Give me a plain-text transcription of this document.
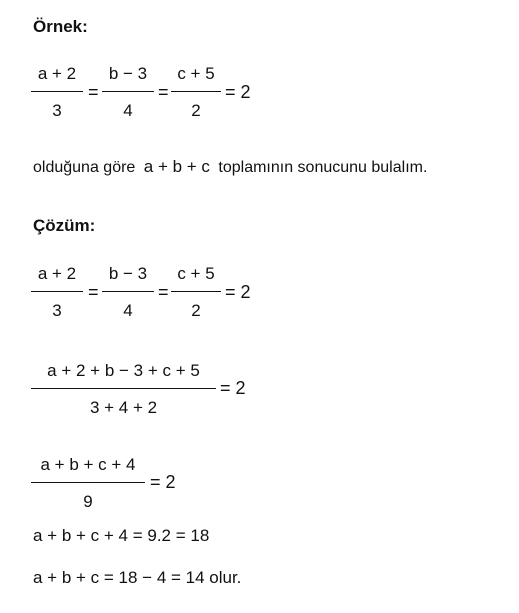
Örnek:
a + 2
3
=
b − 3
4
=
c + 5
2
= 2
olduğuna göre a + b + c toplamının sonucunu bulalım.
Çözüm:
a + 2
3
=
b − 3
4
=
c + 5
2
= 2
a + 2 + b − 3 + c + 5
3 + 4 + 2
= 2
a + b + c + 4
9
= 2
a + b + c + 4 = 9.2 = 18
a + b + c = 18 − 4 = 14 olur.
